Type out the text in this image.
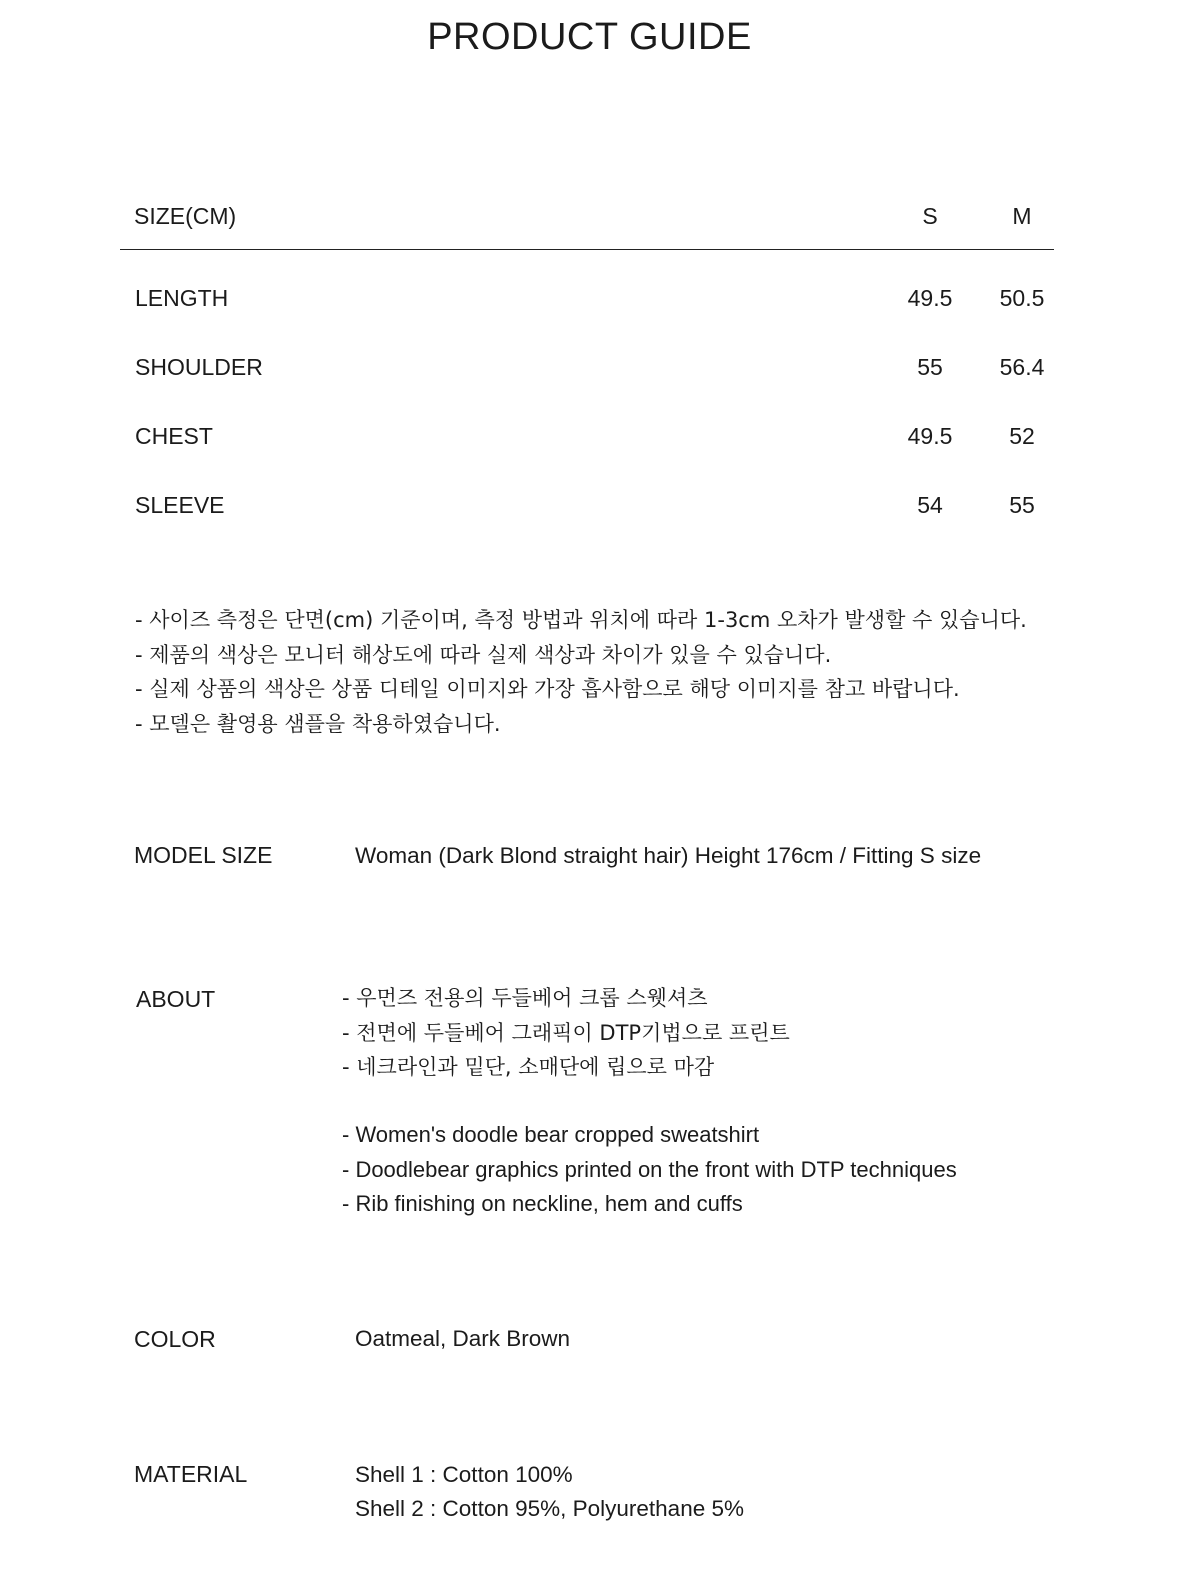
PRODUCT GUIDE
SIZE(CM)	S	M
LENGTH	49.5	50.5
SHOULDER	55	56.4
CHEST	49.5	52
SLEEVE	54	55
- 사이즈 측정은 단면(cm) 기준이며, 측정 방법과 위치에 따라 1-3cm 오차가 발생할 수 있습니다.
- 제품의 색상은 모니터 해상도에 따라 실제 색상과 차이가 있을 수 있습니다.
- 실제 상품의 색상은 상품 디테일 이미지와 가장 흡사함으로 해당 이미지를 참고 바랍니다.
- 모델은 촬영용 샘플을 착용하였습니다.
MODEL SIZE	Woman (Dark Blond straight hair) Height 176cm / Fitting S size
ABOUT	- 우먼즈 전용의 두들베어 크롭 스웻셔츠
- 전면에 두들베어 그래픽이 DTP기법으로 프린트
- 네크라인과 밑단, 소매단에 립으로 마감
- Women's doodle bear cropped sweatshirt
- Doodlebear graphics printed on the front with DTP techniques
- Rib finishing on neckline, hem and cuffs
COLOR	Oatmeal, Dark Brown
MATERIAL	Shell 1 : Cotton 100%
Shell 2 : Cotton 95%, Polyurethane 5%
